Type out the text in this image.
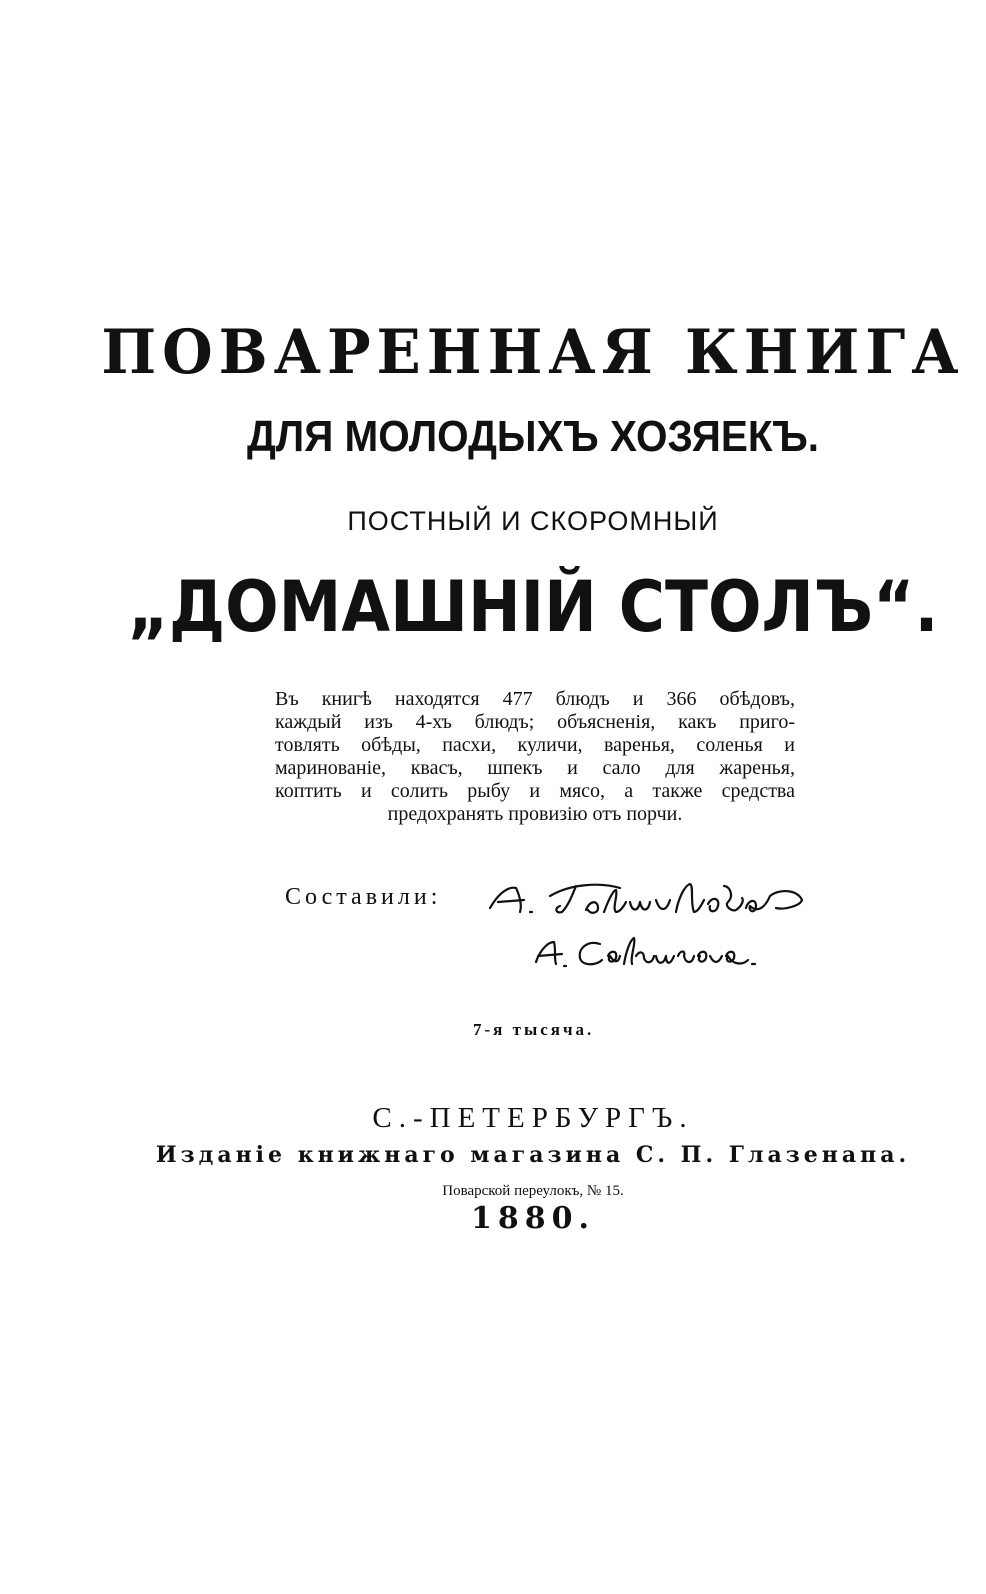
ПОВАРЕННАЯ КНИГА
ДЛЯ МОЛОДЫХЪ ХОЗЯЕКЪ.
ПОСТНЫЙ И СКОРОМНЫЙ
„ДОМАШНІЙ СТОЛЪ“.
Въ книгѣ находятся 477 блюдъ и 366 обѣдовъ,
каждый изъ 4-хъ блюдъ; объясненія, какъ приго-
товлять обѣды, пасхи, куличи, варенья, соленья и
маринованіе, квасъ, шпекъ и сало для жаренья,
коптить и солить рыбу и мясо, а также средства
предохранять провизію отъ порчи.
Составили:
7-я тысяча.
С.-ПЕТЕРБУРГЪ.
Изданіе книжнаго магазина С. П. Глазенапа.
Поварской переулокъ, № 15.
1880.
